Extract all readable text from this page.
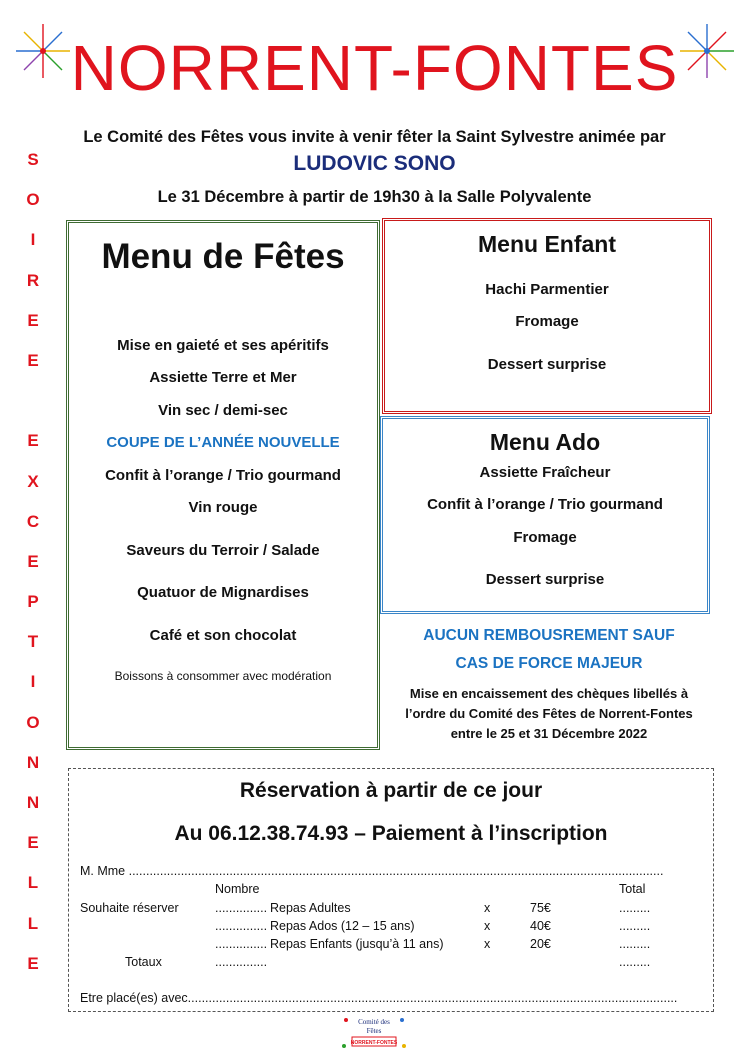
NORRENT-FONTES
Le Comité des Fêtes vous invite à venir fêter la Saint Sylvestre animée par
LUDOVIC SONO
Le 31 Décembre à partir de 19h30 à la Salle Polyvalente
S
O
I
R
E
E
E
X
C
E
P
T
I
O
N
N
E
L
L
E
Menu de Fêtes
Mise en gaieté et ses apéritifs
Assiette Terre et Mer
Vin sec / demi-sec
COUPE DE L’ANNÉE NOUVELLE
Confit à l’orange / Trio gourmand
Vin rouge
Saveurs du Terroir / Salade
Quatuor de Mignardises
Café et son chocolat
Boissons à consommer avec modération
Menu Enfant
Hachi Parmentier
Fromage
Dessert surprise
Menu Ado
Assiette Fraîcheur
Confit à l’orange / Trio gourmand
Fromage
Dessert surprise
AUCUN REMBOUSREMENT SAUF
CAS DE FORCE MAJEUR
Mise en encaissement des chèques libellés à
l’ordre du Comité des Fêtes de Norrent-Fontes
entre le 25 et 31 Décembre 2022
Réservation à partir de ce jour
Au 06.12.38.74.93 – Paiement à l’inscription
M. Mme ..........................................................................................................................................................
Nombre	Total
Souhaite réserver	............... Repas Adultes	x	75€	.........
............... Repas Ados (12 – 15 ans)	x	40€	.........
............... Repas Enfants (jusqu’à 11 ans)	x	20€	.........
Totaux	...............	.........
Etre placé(es) avec.............................................................................................................................................
Comité des
Fêtes
NORRENT-FONTES
